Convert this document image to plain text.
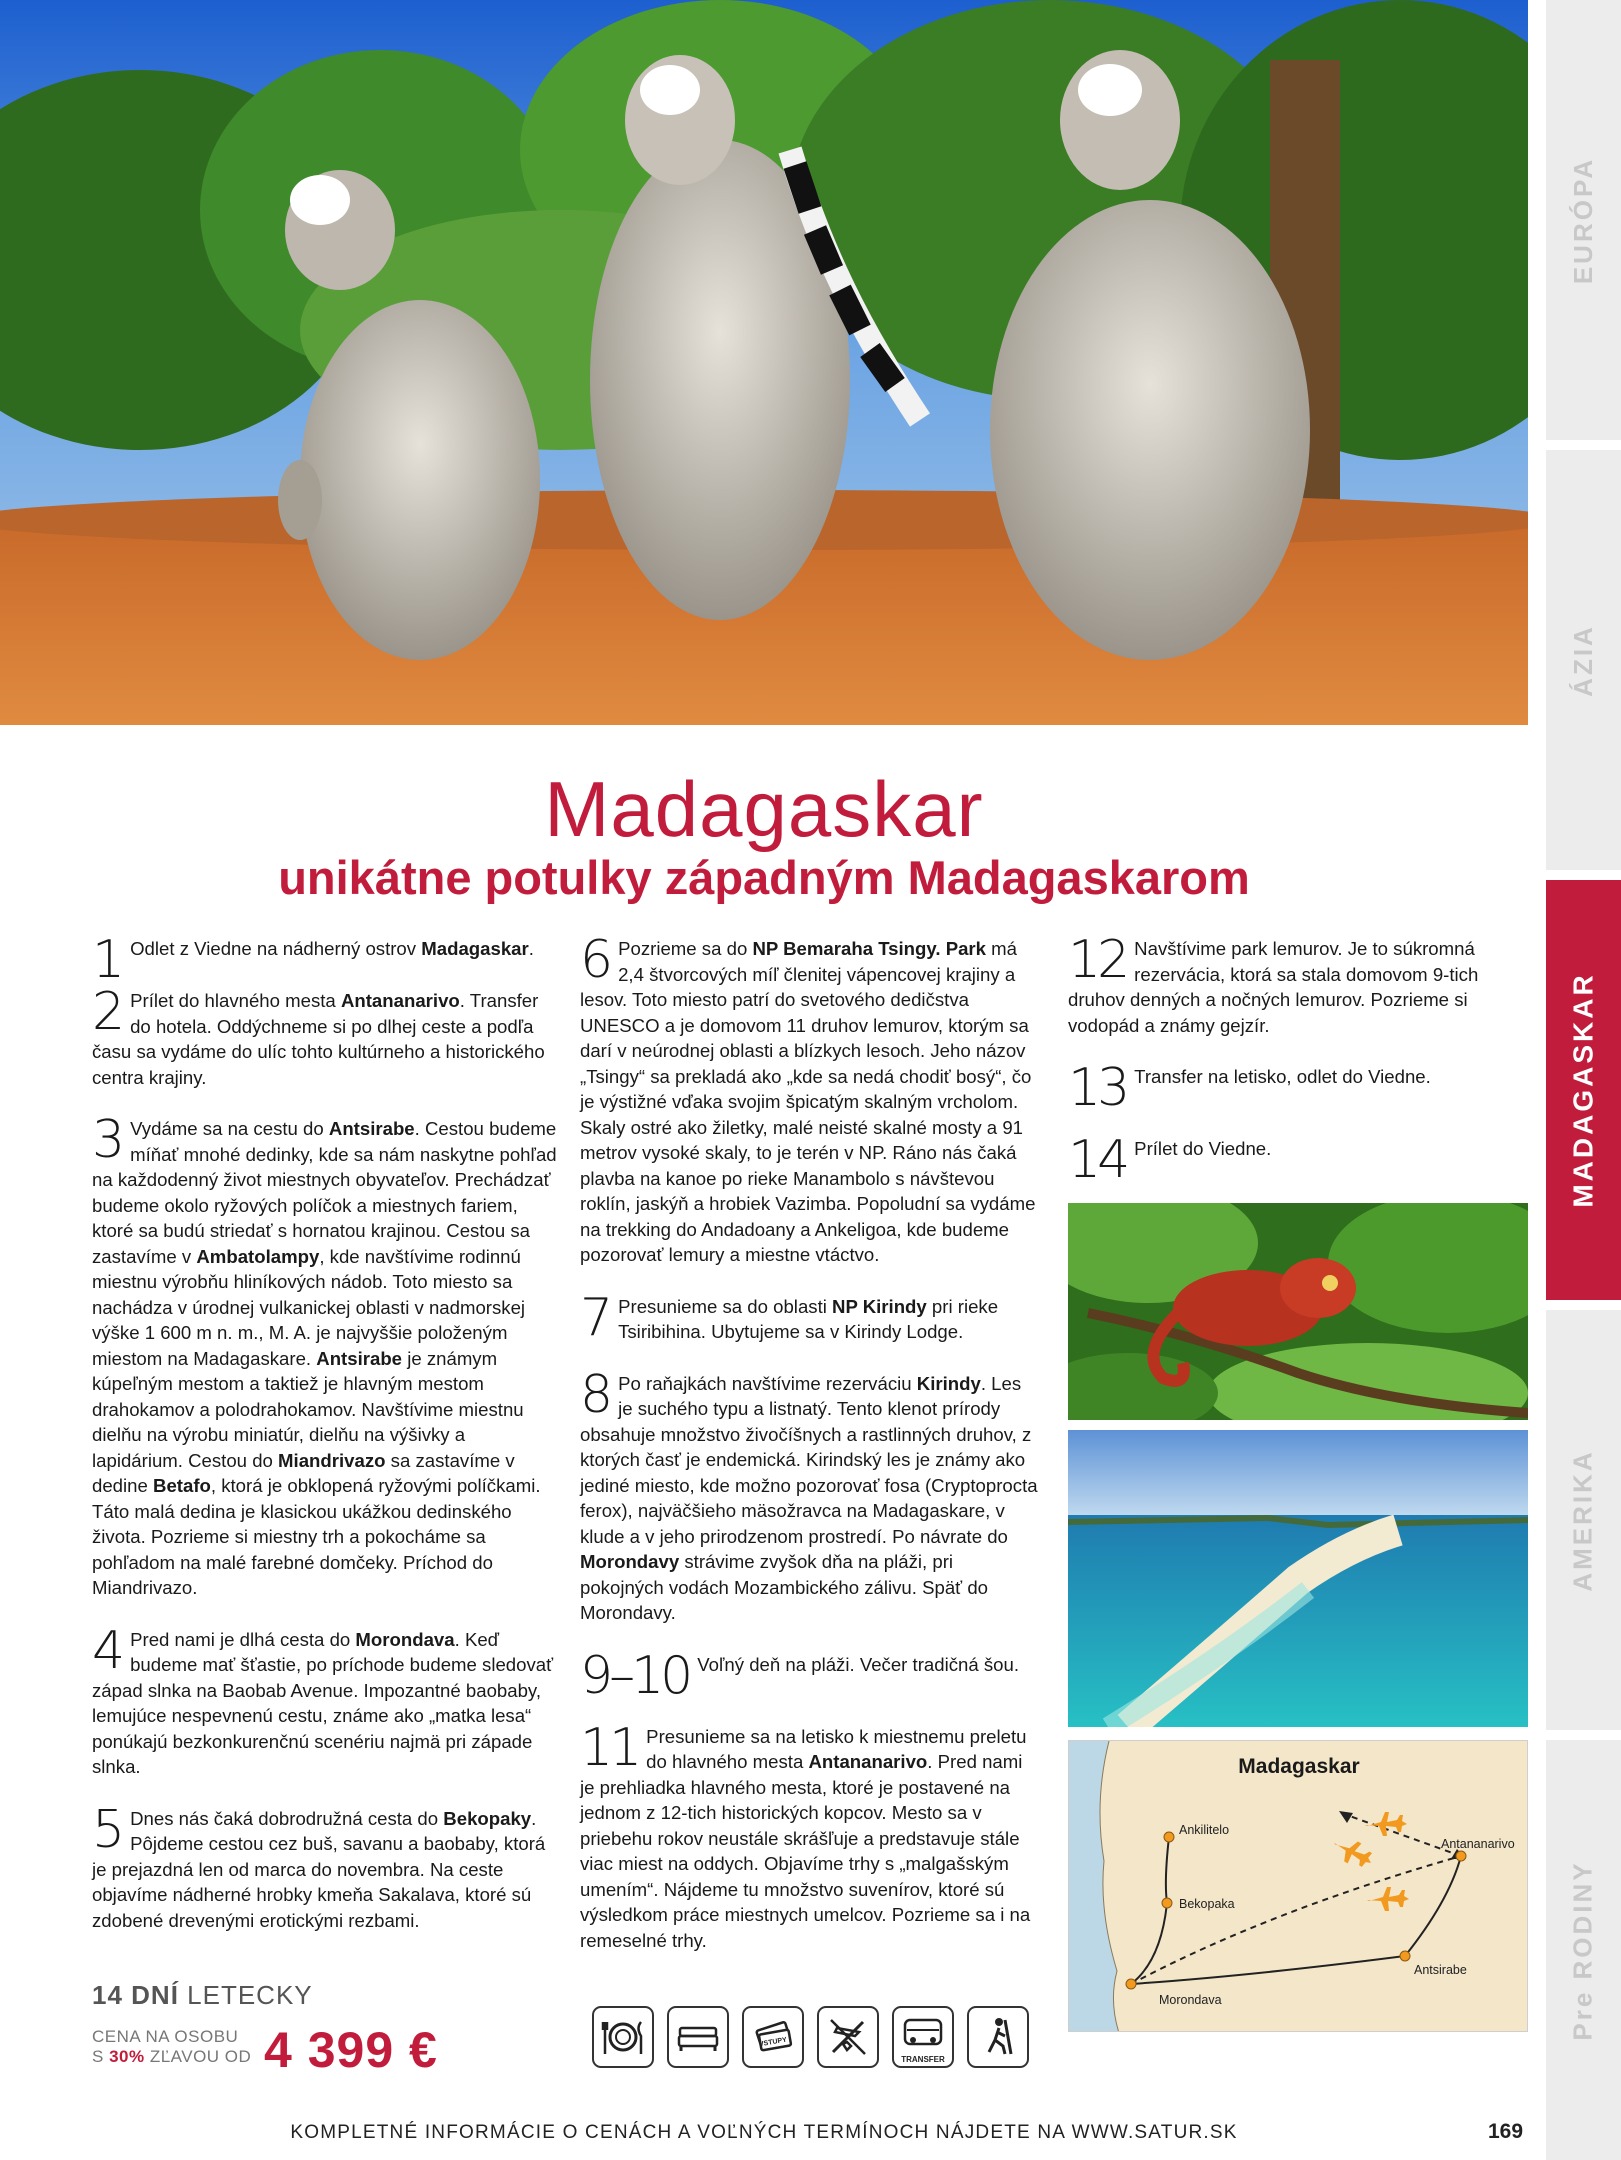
EURÓPA
ÁZIA
MADAGASKAR
AMERIKA
Pre RODINY
Madagaskar
unikátne potulky západným Madagaskarom
1 Odlet z Viedne na nádherný ostrov Madagaskar.
2 Prílet do hlavného mesta Antananarivo. Transfer do hotela. Oddýchneme si po dlhej ceste a podľa času sa vydáme do ulíc tohto kultúrneho a historického centra krajiny.
3 Vydáme sa na cestu do Antsirabe. Cestou budeme míňať mnohé dedinky, kde sa nám naskytne pohľad na každodenný život miestnych obyvateľov. Prechádzať budeme okolo ryžových políčok a miestnych fariem, ktoré sa budú striedať s hornatou krajinou. Cestou sa zastavíme v Ambatolampy, kde navštívime rodinnú miestnu výrobňu hliníkových nádob. Toto miesto sa nachádza v úrodnej vulkanickej oblasti v nadmorskej výške 1 600 m n. m., M. A. je najvyššie položeným miestom na Madagaskare. Antsirabe je známym kúpeľným mestom a taktiež je hlavným mestom drahokamov a polodrahokamov. Navštívime miestnu dielňu na výrobu miniatúr, dielňu na výšivky a lapidárium. Cestou do Miandrivazo sa zastavíme v dedine Betafo, ktorá je obklopená ryžovými políčkami. Táto malá dedina je klasickou ukážkou dedinského života. Pozrieme si miestny trh a pokocháme sa pohľadom na malé farebné domčeky. Príchod do Miandrivazo.
4 Pred nami je dlhá cesta do Morondava. Keď budeme mať šťastie, po príchode budeme sledovať západ slnka na Baobab Avenue. Impozantné baobaby, lemujúce nespevnenú cestu, známe ako „matka lesa“ ponúkajú bezkonkurenčnú scenériu najmä pri západe slnka.
5 Dnes nás čaká dobrodružná cesta do Bekopaky. Pôjdeme cestou cez buš, savanu a baobaby, ktorá je prejazdná len od marca do novembra. Na ceste objavíme nádherné hrobky kmeňa Sakalava, ktoré sú zdobené drevenými erotickými rezbami.
6 Pozrieme sa do NP Bemaraha Tsingy. Park má 2,4 štvorcových míľ členitej vápencovej krajiny a lesov. Toto miesto patrí do svetového dedičstva UNESCO a je domovom 11 druhov lemurov, ktorým sa darí v neúrodnej oblasti a blízkych lesoch. Jeho názov „Tsingy“ sa prekladá ako „kde sa nedá chodiť bosý“, čo je výstižné vďaka svojim špicatým skalným vrcholom. Skaly ostré ako žiletky, malé neisté skalné mosty a 91 metrov vysoké skaly, to je terén v NP. Ráno nás čaká plavba na kanoe po rieke Manambolo s návštevou roklín, jaskýň a hrobiek Vazimba. Popoludní sa vydáme na trekking do Andadoany a Ankeligoa, kde budeme pozorovať lemury a miestne vtáctvo.
7 Presunieme sa do oblasti NP Kirindy pri rieke Tsiribihina. Ubytujeme sa v Kirindy Lodge.
8 Po raňajkách navštívime rezerváciu Kirindy. Les je suchého typu a listnatý. Tento klenot prírody obsahuje množstvo živočíšnych a rastlinných druhov, z ktorých časť je endemická. Kirindský les je známy ako jediné miesto, kde možno pozorovať fosa (Cryptoprocta ferox), najväčšieho mäsožravca na Madagaskare, v klude a v jeho prirodzenom prostredí. Po návrate do Morondavy strávime zvyšok dňa na pláži, pri pokojných vodách Mozambického zálivu. Späť do Morondavy.
9–10 Voľný deň na pláži. Večer tradičná šou.
11 Presunieme sa na letisko k miestnemu preletu do hlavného mesta Antananarivo. Pred nami je prehliadka hlavného mesta, ktoré je postavené na jednom z 12-tich historických kopcov. Mesto sa v priebehu rokov neustále skrášľuje a predstavuje stále viac miest na oddych. Objavíme trhy s „malgašským umením“. Nájdeme tu množstvo suvenírov, ktoré sú výsledkom práce miestnych umelcov. Pozrieme sa i na remeselné trhy.
12 Navštívime park lemurov. Je to súkromná rezervácia, ktorá sa stala domovom 9-tich druhov denných a nočných lemurov. Pozrieme si vodopád a známy gejzír.
13 Transfer na letisko, odlet do Viedne.
14 Prílet do Viedne.
Madagaskar
Ankilitelo
Bekopaka
Antananarivo
Antsirabe
Morondava
14 DNÍ LETECKY
CENA NA OSOBU
S 30% ZĽAVOU OD 4 399 €	VSTUPY
TRANSFER
KOMPLETNÉ INFORMÁCIE O CENÁCH A VOĽNÝCH TERMÍNOCH NÁJDETE NA WWW.SATUR.SK	169
